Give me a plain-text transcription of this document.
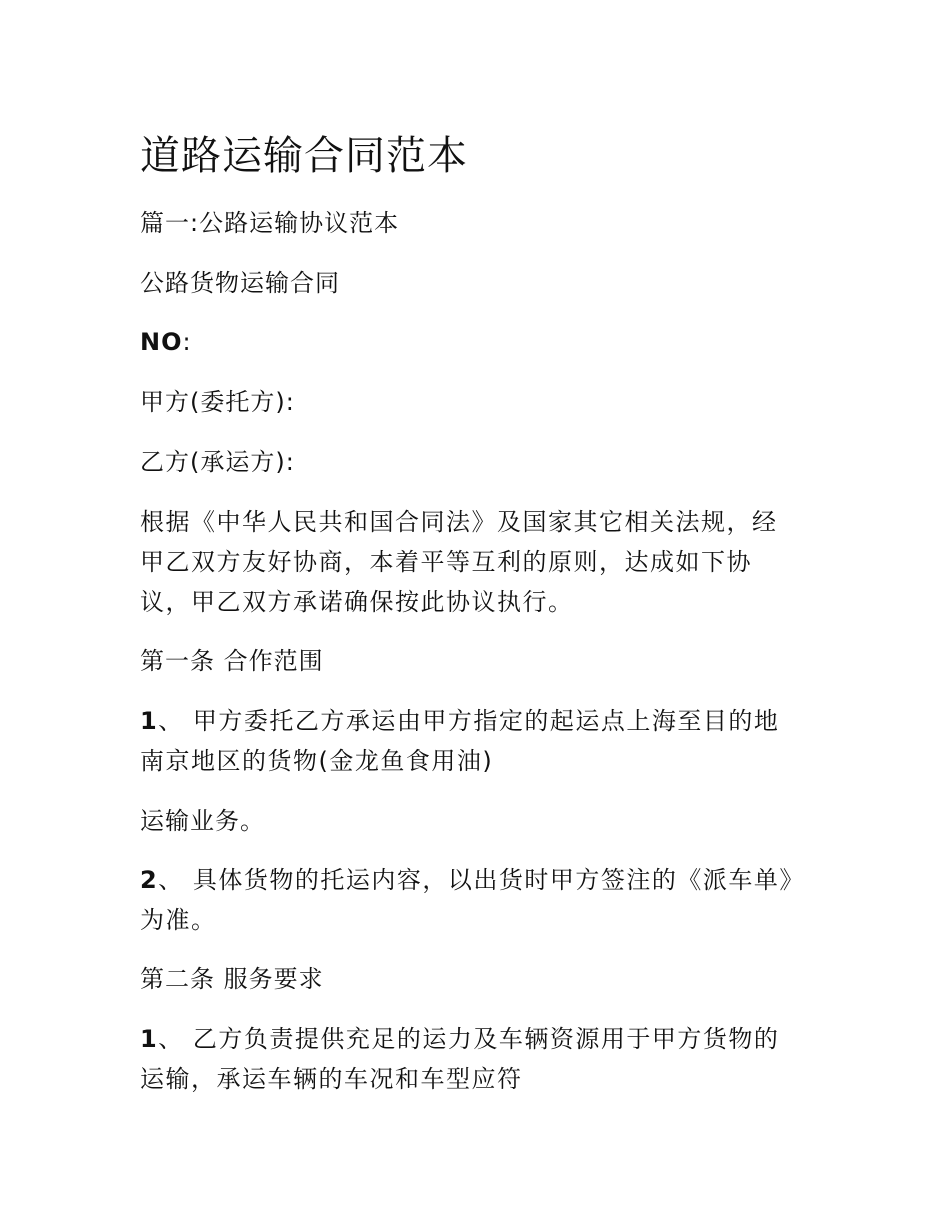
道路运输合同范本

篇一:公路运输协议范本

公路货物运输合同

NO:

甲方(委托方):

乙方(承运方):

根据《中华人民共和国合同法》及国家其它相关法规，经甲乙双方友好协商，本着平等互利的原则，达成如下协议，甲乙双方承诺确保按此协议执行。

第一条 合作范围

1、 甲方委托乙方承运由甲方指定的起运点上海至目的地南京地区的货物(金龙鱼食用油)

运输业务。

2、 具体货物的托运内容，以出货时甲方签注的《派车单》为准。

第二条 服务要求

1、 乙方负责提供充足的运力及车辆资源用于甲方货物的运输，承运车辆的车况和车型应符
